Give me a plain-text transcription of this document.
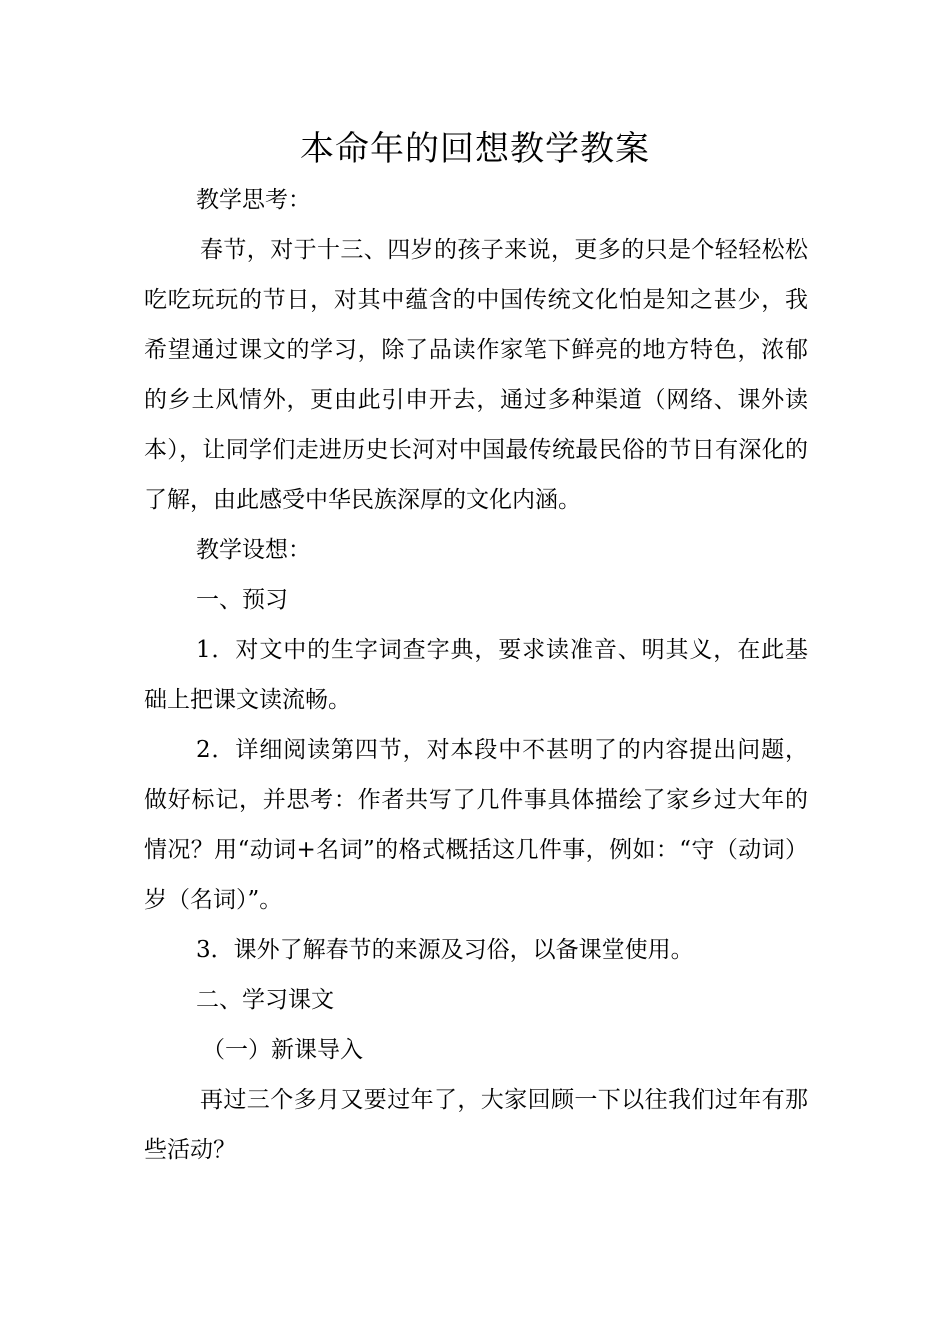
本命年的回想教学教案

教学思考：

春节，对于十三、四岁的孩子来说，更多的只是个轻轻松松吃吃玩玩的节日，对其中蕴含的中国传统文化怕是知之甚少，我希望通过课文的学习，除了品读作家笔下鲜亮的地方特色，浓郁的乡土风情外，更由此引申开去，通过多种渠道（网络、课外读本），让同学们走进历史长河对中国最传统最民俗的节日有深化的了解，由此感受中华民族深厚的文化内涵。

教学设想：

一、预习

1．对文中的生字词查字典，要求读准音、明其义，在此基础上把课文读流畅。

2．详细阅读第四节，对本段中不甚明了的内容提出问题，做好标记，并思考：作者共写了几件事具体描绘了家乡过大年的情况？用“动词+名词”的格式概括这几件事，例如：“守（动词）岁（名词）”。

3．课外了解春节的来源及习俗，以备课堂使用。

二、学习课文

（一）新课导入

再过三个多月又要过年了，大家回顾一下以往我们过年有那些活动？
